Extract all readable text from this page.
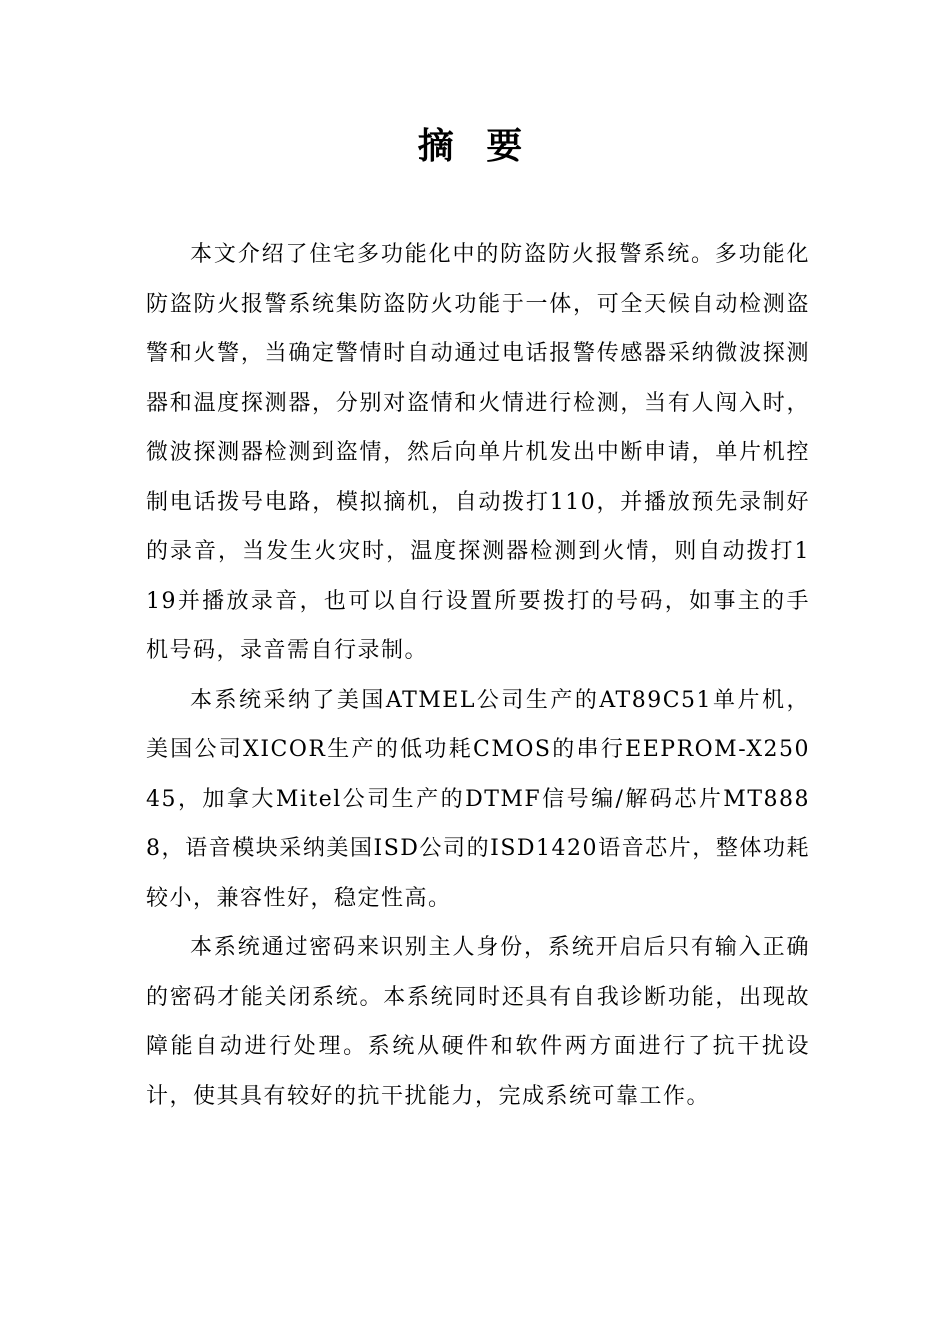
摘 要

本文介绍了住宅多功能化中的防盗防火报警系统。多功能化防盗防火报警系统集防盗防火功能于一体，可全天候自动检测盗警和火警，当确定警情时自动通过电话报警传感器采纳微波探测器和温度探测器，分别对盗情和火情进行检测，当有人闯入时，微波探测器检测到盗情，然后向单片机发出中断申请，单片机控制电话拨号电路，模拟摘机，自动拨打110，并播放预先录制好的录音，当发生火灾时，温度探测器检测到火情，则自动拨打119并播放录音，也可以自行设置所要拨打的号码，如事主的手机号码，录音需自行录制。

本系统采纳了美国ATMEL公司生产的AT89C51单片机，美国公司XICOR生产的低功耗CMOS的串行EEPROM-X25045，加拿大Mitel公司生产的DTMF信号编/解码芯片MT8888，语音模块采纳美国ISD公司的ISD1420语音芯片，整体功耗较小，兼容性好，稳定性高。

本系统通过密码来识别主人身份，系统开启后只有输入正确的密码才能关闭系统。本系统同时还具有自我诊断功能，出现故障能自动进行处理。系统从硬件和软件两方面进行了抗干扰设计，使其具有较好的抗干扰能力，完成系统可靠工作。
